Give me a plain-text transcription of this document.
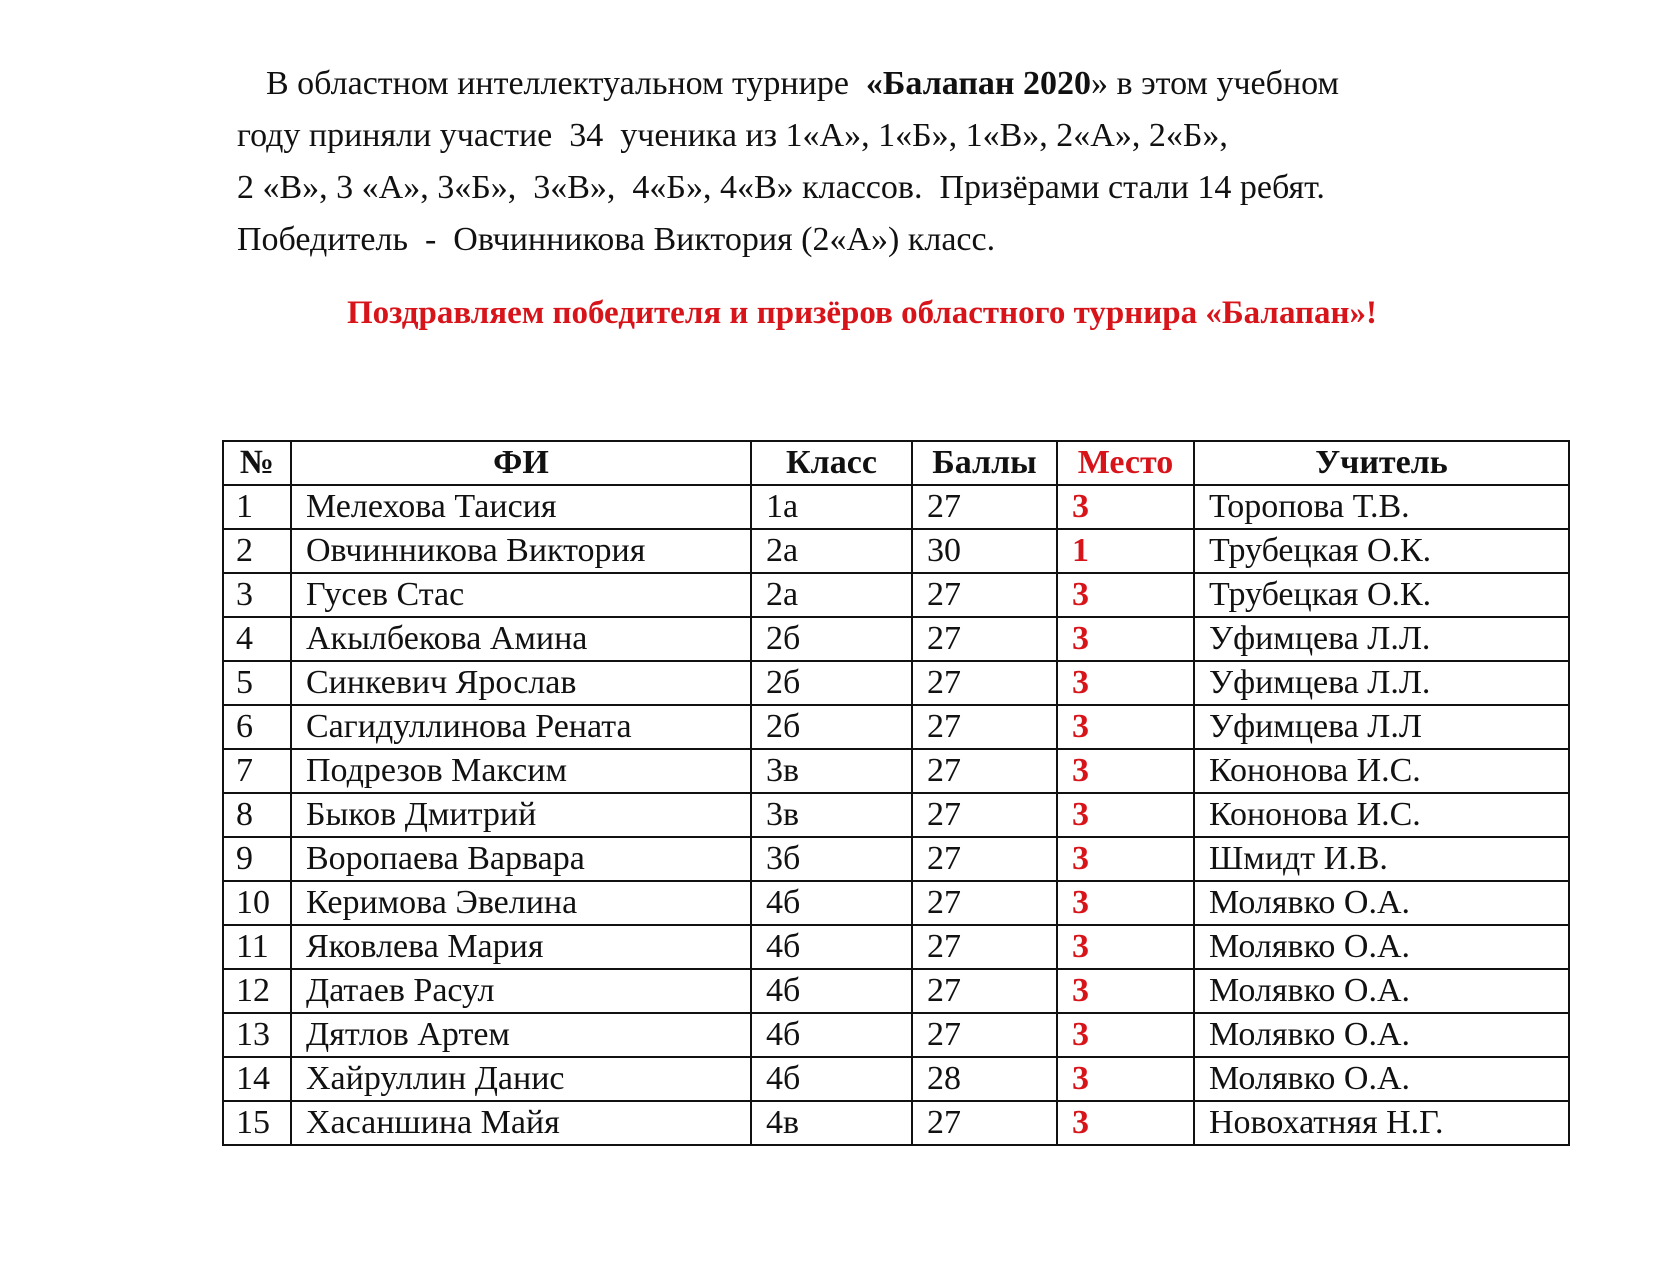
В областном интеллектуальном турнире  «Балапан 2020» в этом учебном
году приняли участие  34  ученика из 1«А», 1«Б», 1«В», 2«А», 2«Б»,
2 «В», 3 «А», 3«Б»,  3«В»,  4«Б», 4«В» классов.  Призёрами стали 14 ребят.
Победитель  -  Овчинникова Виктория (2«А») класс.

Поздравляем победителя и призёров областного турнира «Балапан»!

№	ФИ	Класс	Баллы	Место	Учитель
1	Мелехова Таисия	1а	27	3	Торопова Т.В.
2	Овчинникова Виктория	2а	30	1	Трубецкая О.К.
3	Гусев Стас	2а	27	3	Трубецкая О.К.
4	Акылбекова Амина	2б	27	3	Уфимцева Л.Л.
5	Синкевич Ярослав	2б	27	3	Уфимцева Л.Л.
6	Сагидуллинова Рената	2б	27	3	Уфимцева Л.Л
7	Подрезов Максим	3в	27	3	Кононова И.С.
8	Быков Дмитрий	3в	27	3	Кононова И.С.
9	Воропаева Варвара	3б	27	3	Шмидт И.В.
10	Керимова Эвелина	4б	27	3	Молявко О.А.
11	Яковлева Мария	4б	27	3	Молявко О.А.
12	Датаев Расул	4б	27	3	Молявко О.А.
13	Дятлов Артем	4б	27	3	Молявко О.А.
14	Хайруллин Данис	4б	28	3	Молявко О.А.
15	Хасаншина Майя	4в	27	3	Новохатняя Н.Г.
